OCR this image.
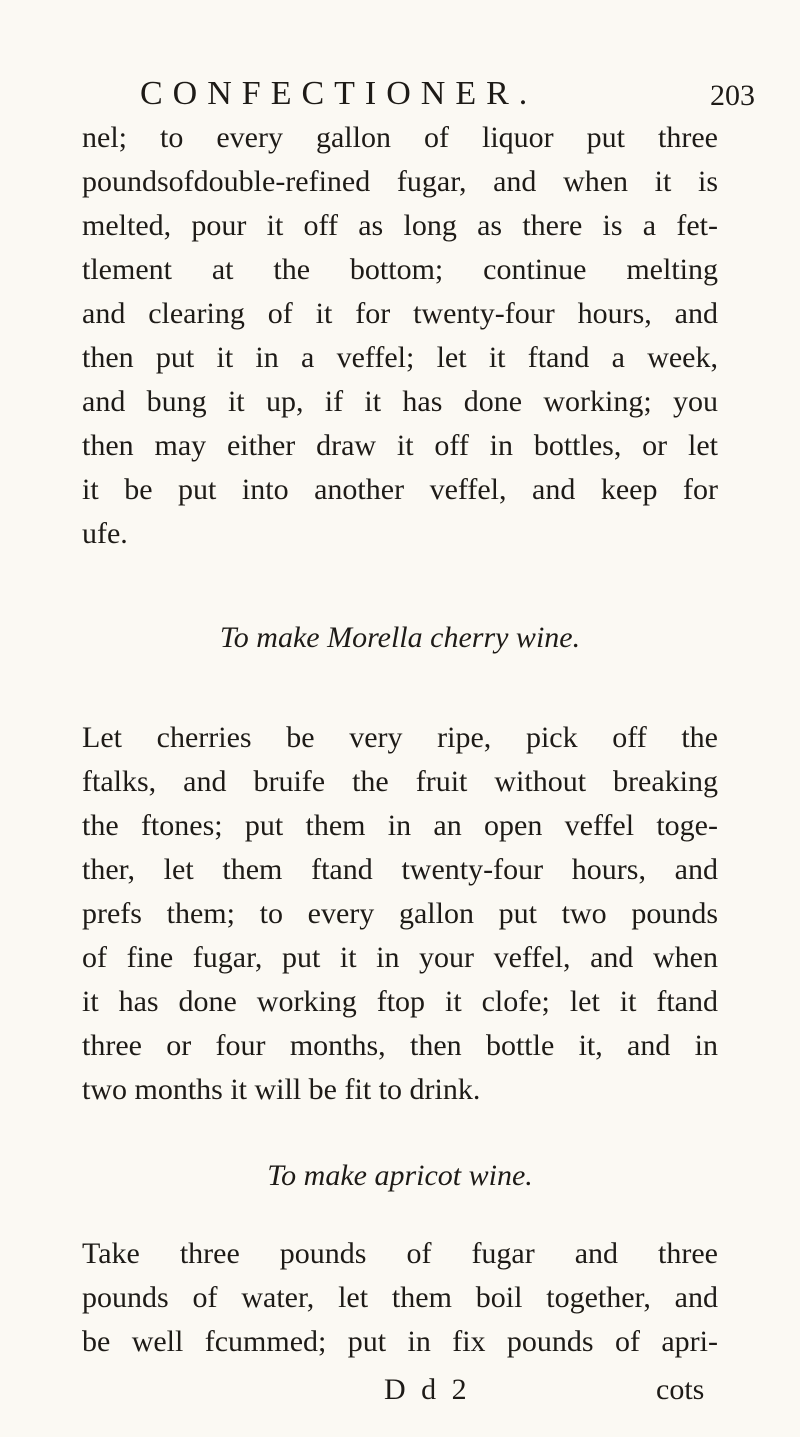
CONFECTIONER.	203
nel; to every gallon of liquor put three
poundsofdouble-refined fugar, and when it is
melted, pour it off as long as there is a fet-
tlement at the bottom; continue melting
and clearing of it for twenty-four hours, and
then put it in a veffel; let it ftand a week,
and bung it up, if it has done working; you
then may either draw it off in bottles, or let
it be put into another veffel, and keep for
ufe.
To make Morella cherry wine.
Let cherries be very ripe, pick off the
ftalks, and bruife the fruit without breaking
the ftones; put them in an open veffel toge-
ther, let them ftand twenty-four hours, and
prefs them; to every gallon put two pounds
of fine fugar, put it in your veffel, and when
it has done working ftop it clofe; let it ftand
three or four months, then bottle it, and in
two months it will be fit to drink.
To make apricot wine.
Take three pounds of fugar and three
pounds of water, let them boil together, and
be well fcummed; put in fix pounds of apri-
D d 2	cots
